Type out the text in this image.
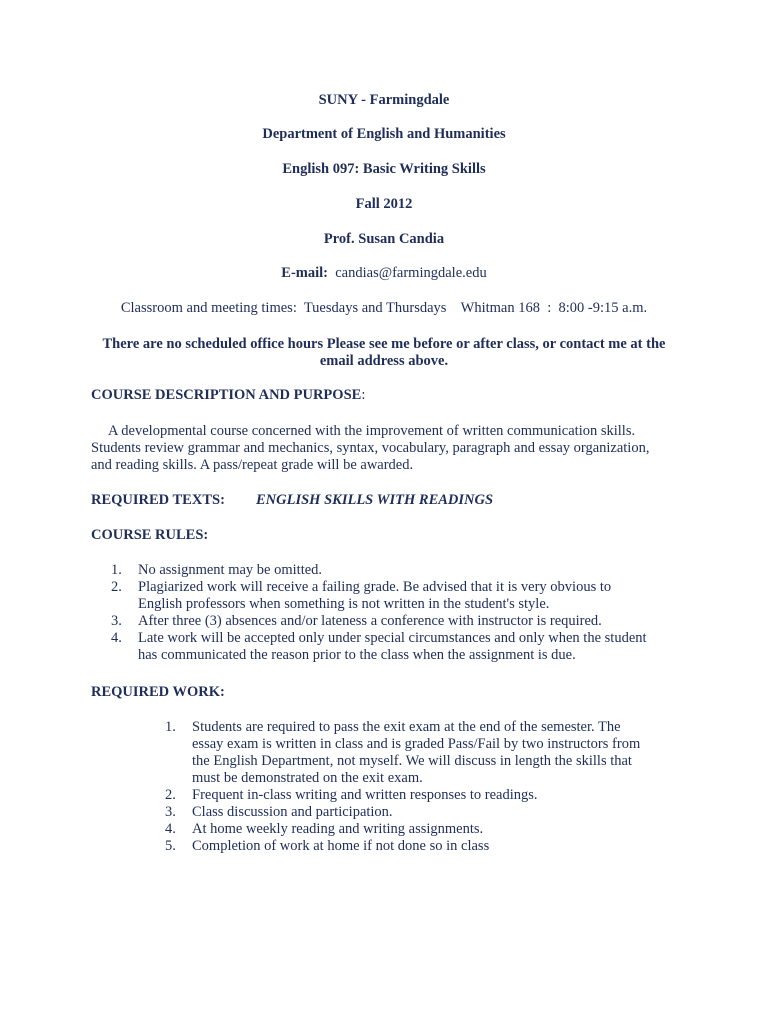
SUNY - Farmingdale
Department of English and Humanities
English 097: Basic Writing Skills
Fall 2012
Prof. Susan Candia
E-mail: candias@farmingdale.edu
Classroom and meeting times:  Tuesdays and Thursdays    Whitman 168  :  8:00 -9:15 a.m.
There are no scheduled office hours Please see me before or after class, or contact me at the
email address above.
COURSE DESCRIPTION AND PURPOSE:
A developmental course concerned with the improvement of written communication skills.
Students review grammar and mechanics, syntax, vocabulary, paragraph and essay organization,
and reading skills. A pass/repeat grade will be awarded.
REQUIRED TEXTS: ENGLISH SKILLS WITH READINGS
COURSE RULES:
1. No assignment may be omitted.
2. Plagiarized work will receive a failing grade. Be advised that it is very obvious to
English professors when something is not written in the student's style.
3. After three (3) absences and/or lateness a conference with instructor is required.
4. Late work will be accepted only under special circumstances and only when the student
has communicated the reason prior to the class when the assignment is due.
REQUIRED WORK:
1. Students are required to pass the exit exam at the end of the semester. The
essay exam is written in class and is graded Pass/Fail by two instructors from
the English Department, not myself. We will discuss in length the skills that
must be demonstrated on the exit exam.
2. Frequent in-class writing and written responses to readings.
3. Class discussion and participation.
4. At home weekly reading and writing assignments.
5. Completion of work at home if not done so in class
